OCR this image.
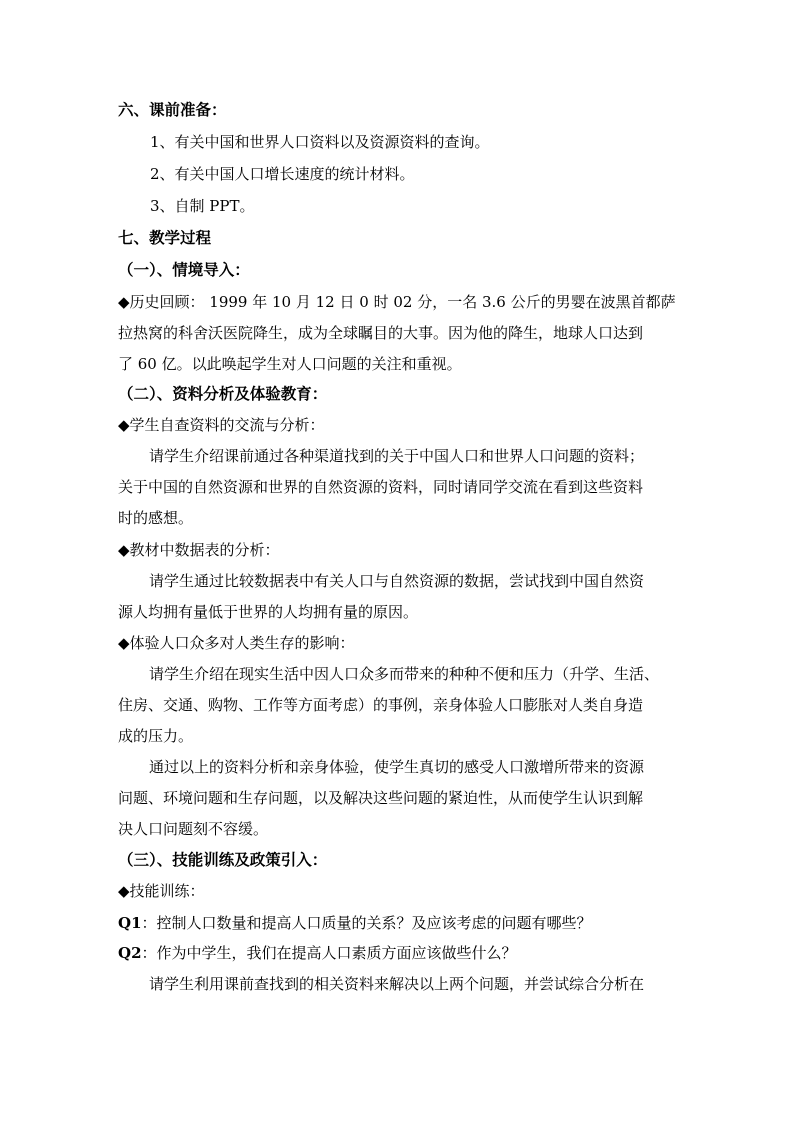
六、课前准备：
1、有关中国和世界人口资料以及资源资料的查询。
2、有关中国人口增长速度的统计材料。
3、自制 PPT。
七、教学过程
（一）、情境导入：
◆历史回顾： 1999 年 10 月 12 日 0 时 02 分，一名 3.6 公斤的男婴在波黑首都萨
拉热窝的科舍沃医院降生，成为全球瞩目的大事。因为他的降生，地球人口达到
了 60 亿。以此唤起学生对人口问题的关注和重视。
（二）、资料分析及体验教育：
◆学生自查资料的交流与分析：
请学生介绍课前通过各种渠道找到的关于中国人口和世界人口问题的资料；
关于中国的自然资源和世界的自然资源的资料，同时请同学交流在看到这些资料
时的感想。
◆教材中数据表的分析：
请学生通过比较数据表中有关人口与自然资源的数据，尝试找到中国自然资
源人均拥有量低于世界的人均拥有量的原因。
◆体验人口众多对人类生存的影响：
请学生介绍在现实生活中因人口众多而带来的种种不便和压力（升学、生活、
住房、交通、购物、工作等方面考虑）的事例，亲身体验人口膨胀对人类自身造
成的压力。
通过以上的资料分析和亲身体验，使学生真切的感受人口激增所带来的资源
问题、环境问题和生存问题，以及解决这些问题的紧迫性，从而使学生认识到解
决人口问题刻不容缓。
（三）、技能训练及政策引入：
◆技能训练：
Q1：控制人口数量和提高人口质量的关系？及应该考虑的问题有哪些？
Q2：作为中学生，我们在提高人口素质方面应该做些什么？
请学生利用课前查找到的相关资料来解决以上两个问题，并尝试综合分析在
